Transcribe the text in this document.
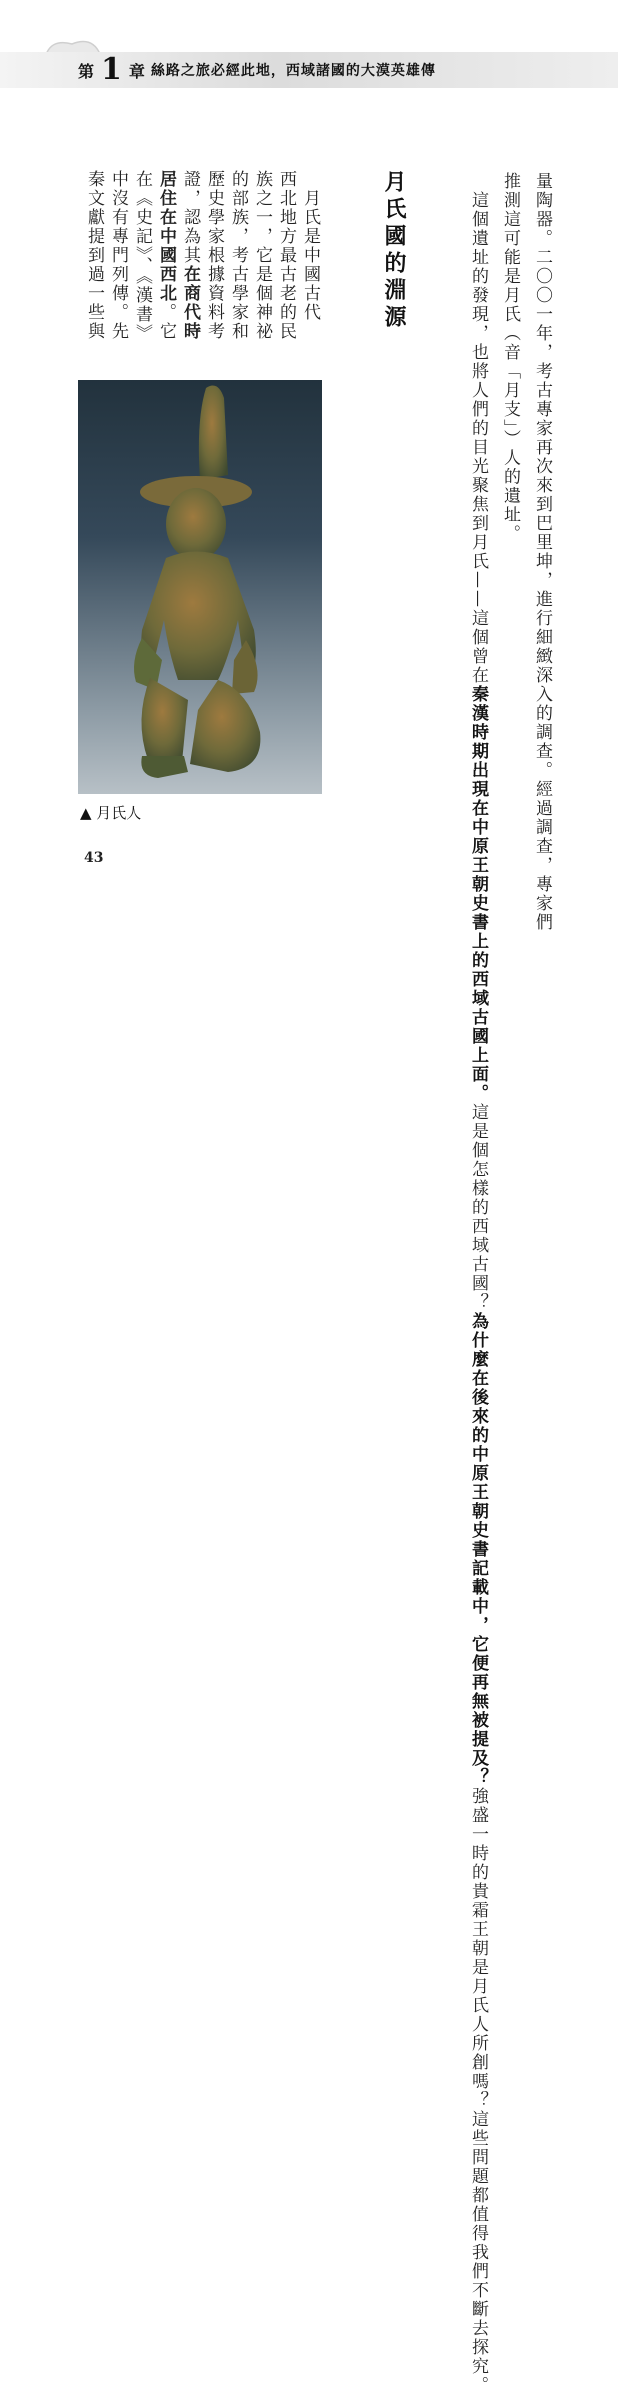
第 1 章 絲路之旅必經此地，西域諸國的大漠英雄傳
量陶器。二〇〇一年，考古專家再次來到巴里坤，進行細緻深入的調查。經過調查，專家們
推測這可能是月氏（音「月支」）人的遺址。
　這個遺址的發現，也將人們的目光聚焦到月氏——這個曾在秦漢時期出現在中原王朝史書上的西域古國上面。這是個怎樣的西域古國？為什麼在後來的中原王朝史書記載中，它便再無被提及？強盛一時的貴霜王朝是月氏人所創嗎？這些問題都值得我們不斷去探究。
月氏國的淵源
　月氏是中國古代
西北地方最古老的民
族之一，它是個神祕
的部族，考古學家和
歷史學家根據資料考
證，認為其在商代時
居住在中國西北。它
在《史記》、《漢書》
中沒有專門列傳。先
秦文獻提到過一些與
▲ 月氏人
43
